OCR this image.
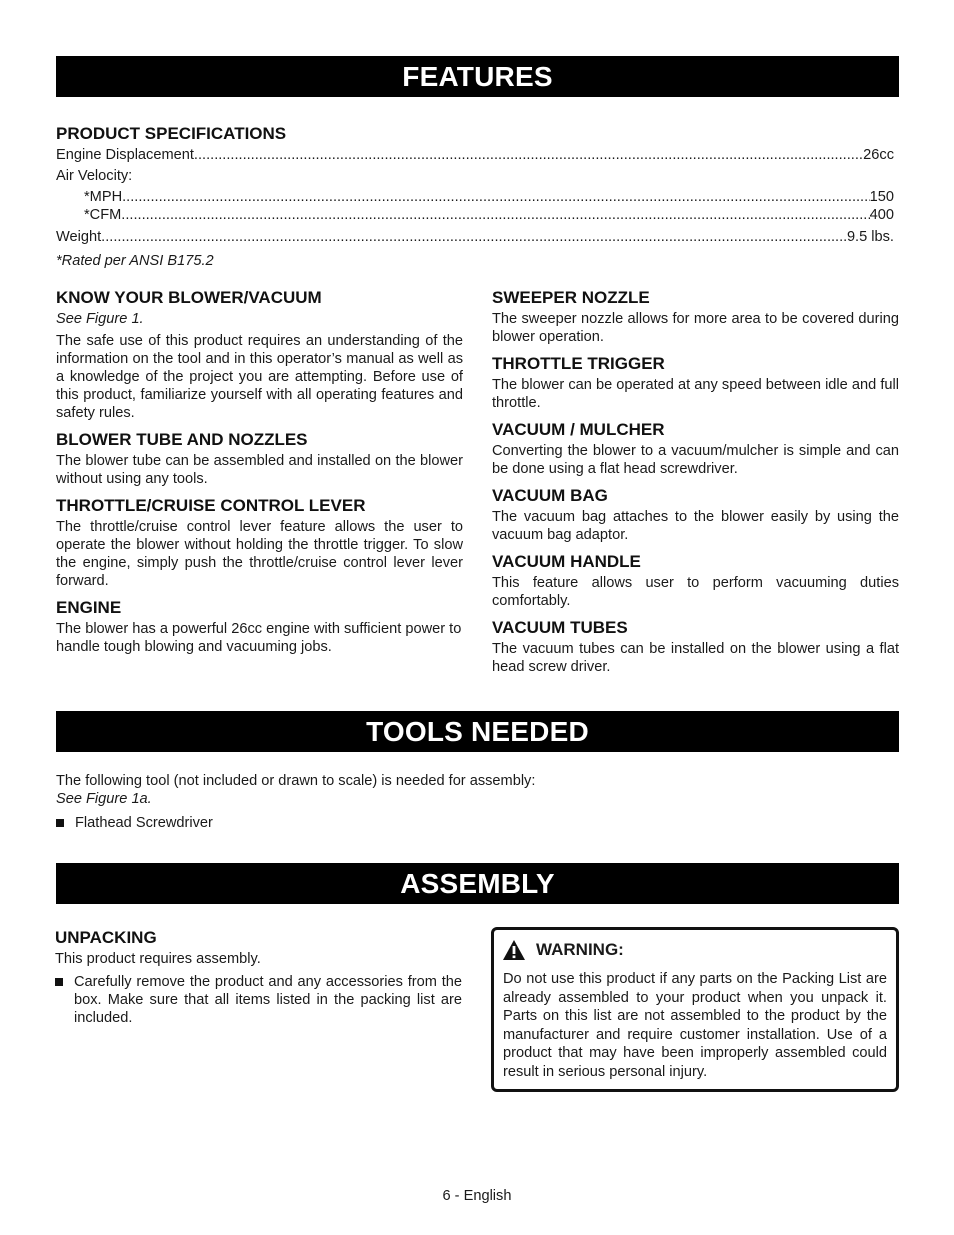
FEATURES
PRODUCT SPECIFICATIONS
Engine Displacement .....	26cc
Air Velocity:
*MPH .....	150
*CFM .....	400
Weight .....	9.5 lbs.
*Rated per ANSI B175.2
KNOW YOUR BLOWER/VACUUM
See Figure 1.

The safe use of this product requires an understanding of the information on the tool and in this operator’s manual as well as a knowledge of the project you are attempting. Before use of this product, familiarize yourself with all operating features and safety rules.

BLOWER TUBE AND NOZZLES

The blower tube can be assembled and installed on the blower without using any tools.

THROTTLE/CRUISE CONTROL LEVER

The throttle/cruise control lever feature allows the user to operate the blower without holding the throttle trigger. To slow the engine, simply push the throttle/cruise control lever lever forward.

ENGINE

The blower has a powerful 26cc engine with sufficient power to handle tough blowing and vacuuming jobs.

SWEEPER NOZZLE

The sweeper nozzle allows for more area to be covered during blower operation.

THROTTLE TRIGGER

The blower can be operated at any speed between idle and full throttle.

VACUUM / MULCHER

Converting the blower to a vacuum/mulcher is simple and can be done using a flat head screwdriver.

VACUUM BAG

The vacuum bag attaches to the blower easily by using the vacuum bag adaptor.

VACUUM HANDLE

This feature allows user to perform vacuuming duties comfortably.

VACUUM TUBES

The vacuum tubes can be installed on the blower using a flat head screw driver.

TOOLS NEEDED

The following tool (not included or drawn to scale) is needed for assembly:

See Figure 1a.
Flathead Screwdriver
ASSEMBLY
UNPACKING

This product requires assembly.

Carefully remove the product and any accessories from the box. Make sure that all items listed in the packing list are included.
WARNING:

Do not use this product if any parts on the Packing List are already assembled to your product when you unpack it. Parts on this list are not assembled to the product by the manufacturer and require customer installation. Use of a product that may have been improperly assembled could result in serious personal injury.

6 - English
